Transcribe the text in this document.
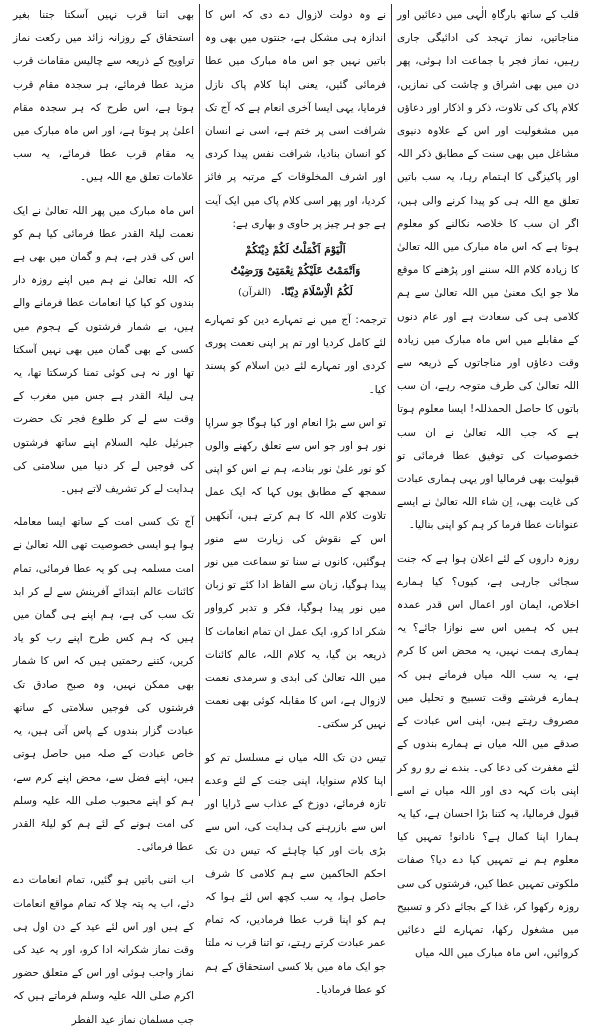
قلب کے ساتھ بارگاہِ الٰہی میں دعائیں اور مناجاتیں، نماز تہجد کی ادائیگی جاری رہیں، نماز فجر با جماعت ادا ہوئی، پھر دن میں بھی اشراق و چاشت کی نمازیں، کلام پاک کی تلاوت، ذکر و اذکار اور دعاؤں میں مشغولیت اور اس کے علاوہ دنیوی مشاغل میں بھی سنت کے مطابق ذکر اللہ اور پاکیزگی کا اہتمام رہا، یہ سب باتیں تعلق مع اللہ ہی کو پیدا کرنے والی ہیں، اگر ان سب کا خلاصہ نکالنے کو معلوم ہوتا ہے کہ اس ماہ مبارک میں اللہ تعالیٰ کا زیادہ کلام اللہ سننے اور پڑھنے کا موقع ملا جو ایک معنیٰ میں اللہ تعالیٰ سے ہم کلامی ہی کی سعادت ہے اور عام دنوں کے مقابلے میں اس ماہ مبارک میں زیادہ وقت دعاؤں اور مناجاتوں کے ذریعہ سے اللہ تعالیٰ کی طرف متوجہ رہے، ان سب باتوں کا حاصل الحمدللہ! ایسا معلوم ہوتا ہے کہ جب اللہ تعالیٰ نے ان سب خصوصیات کی توفیق عطا فرمائی تو قبولیت بھی فرمالیا اور یہی ہماری عبادت کی غایت بھی، اِن شاء اللہ تعالیٰ نے ایسے عنوانات عطا فرما کر ہم کو اپنی بنالیا۔

روزہ داروں کے لئے اعلان ہوا ہے کہ جنت سجائی جارہی ہے، کیوں؟ کیا ہمارے اخلاص، ایمان اور اعمال اس قدر عمدہ ہیں کہ ہمیں اس سے نوازا جائے؟ یہ ہماری ہمت نہیں، یہ محض اس کا کرم ہے، یہ سب اللہ میاں فرماتے ہیں کہ ہمارے فرشتے وقت تسبیح و تحلیل میں مصروف رہتے ہیں، اپنی اس عبادت کے صدقے میں اللہ میاں نے ہمارے بندوں کے لئے مغفرت کی دعا کی۔ بندے نے رو رو کر اپنی بات کہہ دی اور اللہ میاں نے اسے قبول فرمالیا، یہ کتنا بڑا احسان ہے، کیا یہ ہمارا اپنا کمال ہے؟ نادانو! تمہیں کیا معلوم ہم نے تمہیں کیا دے دیا؟ صفات ملکوتی تمہیں عطا کیں، فرشتوں کی سی روزہ رکھوا کر، غذا کے بجائے ذکر و تسبیح میں مشغول رکھا، تمہارے لئے دعائیں کروائیں، اس ماہ مبارک میں اللہ میاں

نے وہ دولت لازوال دے دی کہ اس کا اندازہ ہی مشکل ہے، جنتوں میں بھی وہ باتیں نہیں جو اس ماہ مبارک میں عطا فرمائی گئیں، یعنی اپنا کلام پاک نازل فرمایا، یہی ایسا آخری انعام ہے کہ آج تک شرافت اسی پر ختم ہے، اسی نے انسان کو انسان بنادیا، شرافت نفس پیدا کردی اور اشرف المخلوقات کے مرتبہ پر فائز کردیا، اور پھر اسی کلام پاک میں ایک آیت ہے جو ہر چیز پر حاوی و بھاری ہے:

اَلْیَوْمَ اَکْمَلْتُ لَکُمْ دِیْنَکُمْ
وَاَتْمَمْتُ عَلَیْکُمْ نِعْمَتِیْ وَرَضِیْتُ
لَکُمُ الْاِسْلَامَ دِیْنًا. (القرآن)

ترجمہ: آج میں نے تمہارے دین کو تمہارے لئے کامل کردیا اور تم پر اپنی نعمت پوری کردی اور تمہارے لئے دین اسلام کو پسند کیا۔

تو اس سے بڑا انعام اور کیا ہوگا جو سراپا نور ہو اور جو اس سے تعلق رکھنے والوں کو نور علیٰ نور بنادے، ہم نے اس کو اپنی سمجھ کے مطابق یوں کہا کہ ایک عمل تلاوت کلام اللہ کا ہم کرتے ہیں، آنکھیں اس کے نقوش کی زیارت سے منور ہوگئیں، کانوں نے سنا تو سماعت میں نور پیدا ہوگیا، زبان سے الفاظ ادا کئے تو زبان میں نور پیدا ہوگیا، فکر و تدبر کرواور شکر ادا کرو، ایک عمل ان تمام انعامات کا ذریعہ بن گیا، یہ کلام اللہ، عالم کائنات میں اللہ تعالیٰ کی ابدی و سرمدی نعمت لازوال ہے، اس کا مقابلہ کوئی بھی نعمت نہیں کر سکتی۔

تیس دن تک اللہ میاں نے مسلسل تم کو اپنا کلام سنوایا، اپنی جنت کے لئے وعدے تازہ فرمائے، دوزخ کے عذاب سے ڈرایا اور اس سے بازرہنے کی ہدایت کی، اس سے بڑی بات اور کیا چاہئے کہ تیس دن تک احکم الحاکمین سے ہم کلامی کا شرف حاصل ہوا، یہ سب کچھ اس لئے ہوا کہ ہم کو اپنا قرب عطا فرمادیں، کہ تمام عمر عبادت کرتے رہتے، تو اتنا قرب نہ ملتا جو ایک ماہ میں بلا کسی استحقاق کے ہم کو عطا فرمادیا۔

بھی اتنا قرب نہیں آسکتا جتنا بغیر استحقاق کے روزانہ زائد میں رکعت نماز تراویح کے ذریعہ سے چالیس مقامات قرب مزید عطا فرمائے، ہر سجدہ مقام قرب ہوتا ہے، اس طرح کہ ہر سجدہ مقام اعلیٰ پر ہوتا ہے، اور اس ماہ مبارک میں یہ مقام قرب عطا فرمائے، یہ سب علامات تعلق مع اللہ ہیں۔

اس ماہ مبارک میں پھر اللہ تعالیٰ نے ایک نعمت لیلۃ القدر عطا فرمائی کیا ہم کو اس کی قدر ہے، ہم و گمان میں بھی ہے کہ اللہ تعالیٰ نے ہم میں اپنے روزہ دار بندوں کو کیا کیا انعامات عطا فرمانے والے ہیں، بے شمار فرشتوں کے ہجوم میں کسی کے بھی گمان میں بھی نہیں آسکتا تھا اور نہ ہی کوئی تمنا کرسکتا تھا، یہ ہی لیلۃ القدر ہے جس میں مغرب کے وقت سے لے کر طلوع فجر تک حضرت جبرئیل علیہ السلام اپنے ساتھ فرشتوں کی فوجیں لے کر دنیا میں سلامتی کی ہدایت لے کر تشریف لاتے ہیں۔

آج تک کسی امت کے ساتھ ایسا معاملہ ہوا ہو ایسی خصوصیت تھی اللہ تعالیٰ نے امت مسلمہ ہی کو یہ عطا فرمائی، تمام کائنات عالم ابتدائے آفرینش سے لے کر ابد تک سب کی ہے، ہم اپنے ہی گمان میں ہیں کہ ہم کس طرح اپنے رب کو یاد کریں، کتنے رحمتیں ہیں کہ اس کا شمار بھی ممکن نہیں، وہ صبح صادق تک فرشتوں کی فوجیں سلامتی کے ساتھ عبادت گزار بندوں کے پاس آتی ہیں، یہ خاص عبادت کے صلہ میں حاصل ہوتی ہیں، اپنے فضل سے، محض اپنے کرم سے، ہم کو اپنے محبوب صلی اللہ علیہ وسلم کی امت ہونے کے لئے ہم کو لیلۃ القدر عطا فرمائی۔

اب اتنی باتیں ہو گئیں، تمام انعامات دے دئے، اب یہ پتہ چلا کہ تمام مواقع انعامات کے ہیں اور اس لئے عید کے دن اول ہی وقت نماز شکرانہ ادا کرو، اور یہ عید کی نماز واجب ہوئی اور اس کے متعلق حضور اکرم صلی اللہ علیہ وسلم فرماتے ہیں کہ جب مسلمان نماز عید الفطر
